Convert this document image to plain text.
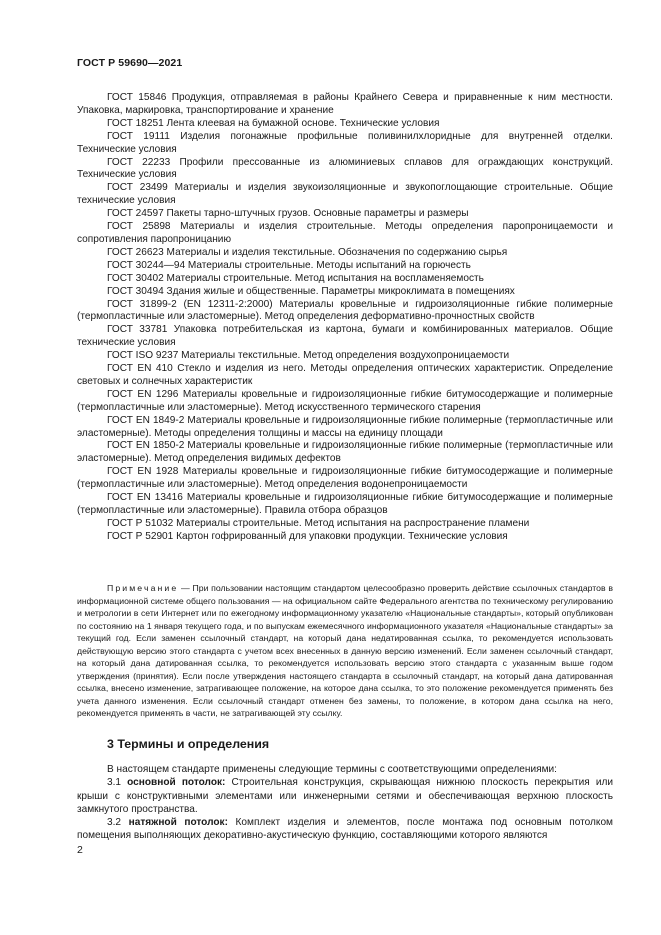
ГОСТ Р 59690—2021

ГОСТ 15846 Продукция, отправляемая в районы Крайнего Севера и приравненные к ним местности. Упаковка, маркировка, транспортирование и хранение

ГОСТ 18251 Лента клеевая на бумажной основе. Технические условия

ГОСТ 19111 Изделия погонажные профильные поливинилхлоридные для внутренней отделки. Технические условия

ГОСТ 22233 Профили прессованные из алюминиевых сплавов для ограждающих конструкций. Технические условия

ГОСТ 23499 Материалы и изделия звукоизоляционные и звукопоглощающие строительные. Общие технические условия

ГОСТ 24597 Пакеты тарно-штучных грузов. Основные параметры и размеры

ГОСТ 25898 Материалы и изделия строительные. Методы определения паропроницаемости и сопротивления паропроницанию

ГОСТ 26623 Материалы и изделия текстильные. Обозначения по содержанию сырья

ГОСТ 30244—94 Материалы строительные. Методы испытаний на горючесть

ГОСТ 30402 Материалы строительные. Метод испытания на воспламеняемость

ГОСТ 30494 Здания жилые и общественные. Параметры микроклимата в помещениях

ГОСТ 31899-2 (EN 12311-2:2000) Материалы кровельные и гидроизоляционные гибкие полимерные (термопластичные или эластомерные). Метод определения деформативно-прочностных свойств

ГОСТ 33781 Упаковка потребительская из картона, бумаги и комбинированных материалов. Общие технические условия

ГОСТ ISO 9237 Материалы текстильные. Метод определения воздухопроницаемости

ГОСТ EN 410 Стекло и изделия из него. Методы определения оптических характеристик. Определение световых и солнечных характеристик

ГОСТ EN 1296 Материалы кровельные и гидроизоляционные гибкие битумосодержащие и полимерные (термопластичные или эластомерные). Метод искусственного термического старения

ГОСТ EN 1849-2 Материалы кровельные и гидроизоляционные гибкие полимерные (термопластичные или эластомерные). Методы определения толщины и массы на единицу площади

ГОСТ EN 1850-2 Материалы кровельные и гидроизоляционные гибкие полимерные (термопластичные или эластомерные). Метод определения видимых дефектов

ГОСТ EN 1928 Материалы кровельные и гидроизоляционные гибкие битумосодержащие и полимерные (термопластичные или эластомерные). Метод определения водонепроницаемости

ГОСТ EN 13416 Материалы кровельные и гидроизоляционные гибкие битумосодержащие и полимерные (термопластичные или эластомерные). Правила отбора образцов

ГОСТ Р 51032 Материалы строительные. Метод испытания на распространение пламени

ГОСТ Р 52901 Картон гофрированный для упаковки продукции. Технические условия

Примечание — При пользовании настоящим стандартом целесообразно проверить действие ссылочных стандартов в информационной системе общего пользования — на официальном сайте Федерального агентства по техническому регулированию и метрологии в сети Интернет или по ежегодному информационному указателю «Национальные стандарты», который опубликован по состоянию на 1 января текущего года, и по выпускам ежемесячного информационного указателя «Национальные стандарты» за текущий год. Если заменен ссылочный стандарт, на который дана недатированная ссылка, то рекомендуется использовать действующую версию этого стандарта с учетом всех внесенных в данную версию изменений. Если заменен ссылочный стандарт, на который дана датированная ссылка, то рекомендуется использовать версию этого стандарта с указанным выше годом утверждения (принятия). Если после утверждения настоящего стандарта в ссылочный стандарт, на который дана датированная ссылка, внесено изменение, затрагивающее положение, на которое дана ссылка, то это положение рекомендуется применять без учета данного изменения. Если ссылочный стандарт отменен без замены, то положение, в котором дана ссылка на него, рекомендуется применять в части, не затрагивающей эту ссылку.

3 Термины и определения

В настоящем стандарте применены следующие термины с соответствующими определениями:

3.1 основной потолок: Строительная конструкция, скрывающая нижнюю плоскость перекрытия или крыши с конструктивными элементами или инженерными сетями и обеспечивающая верхнюю плоскость замкнутого пространства.

3.2 натяжной потолок: Комплект изделия и элементов, после монтажа под основным потолком помещения выполняющих декоративно-акустическую функцию, составляющими которого являются

2
